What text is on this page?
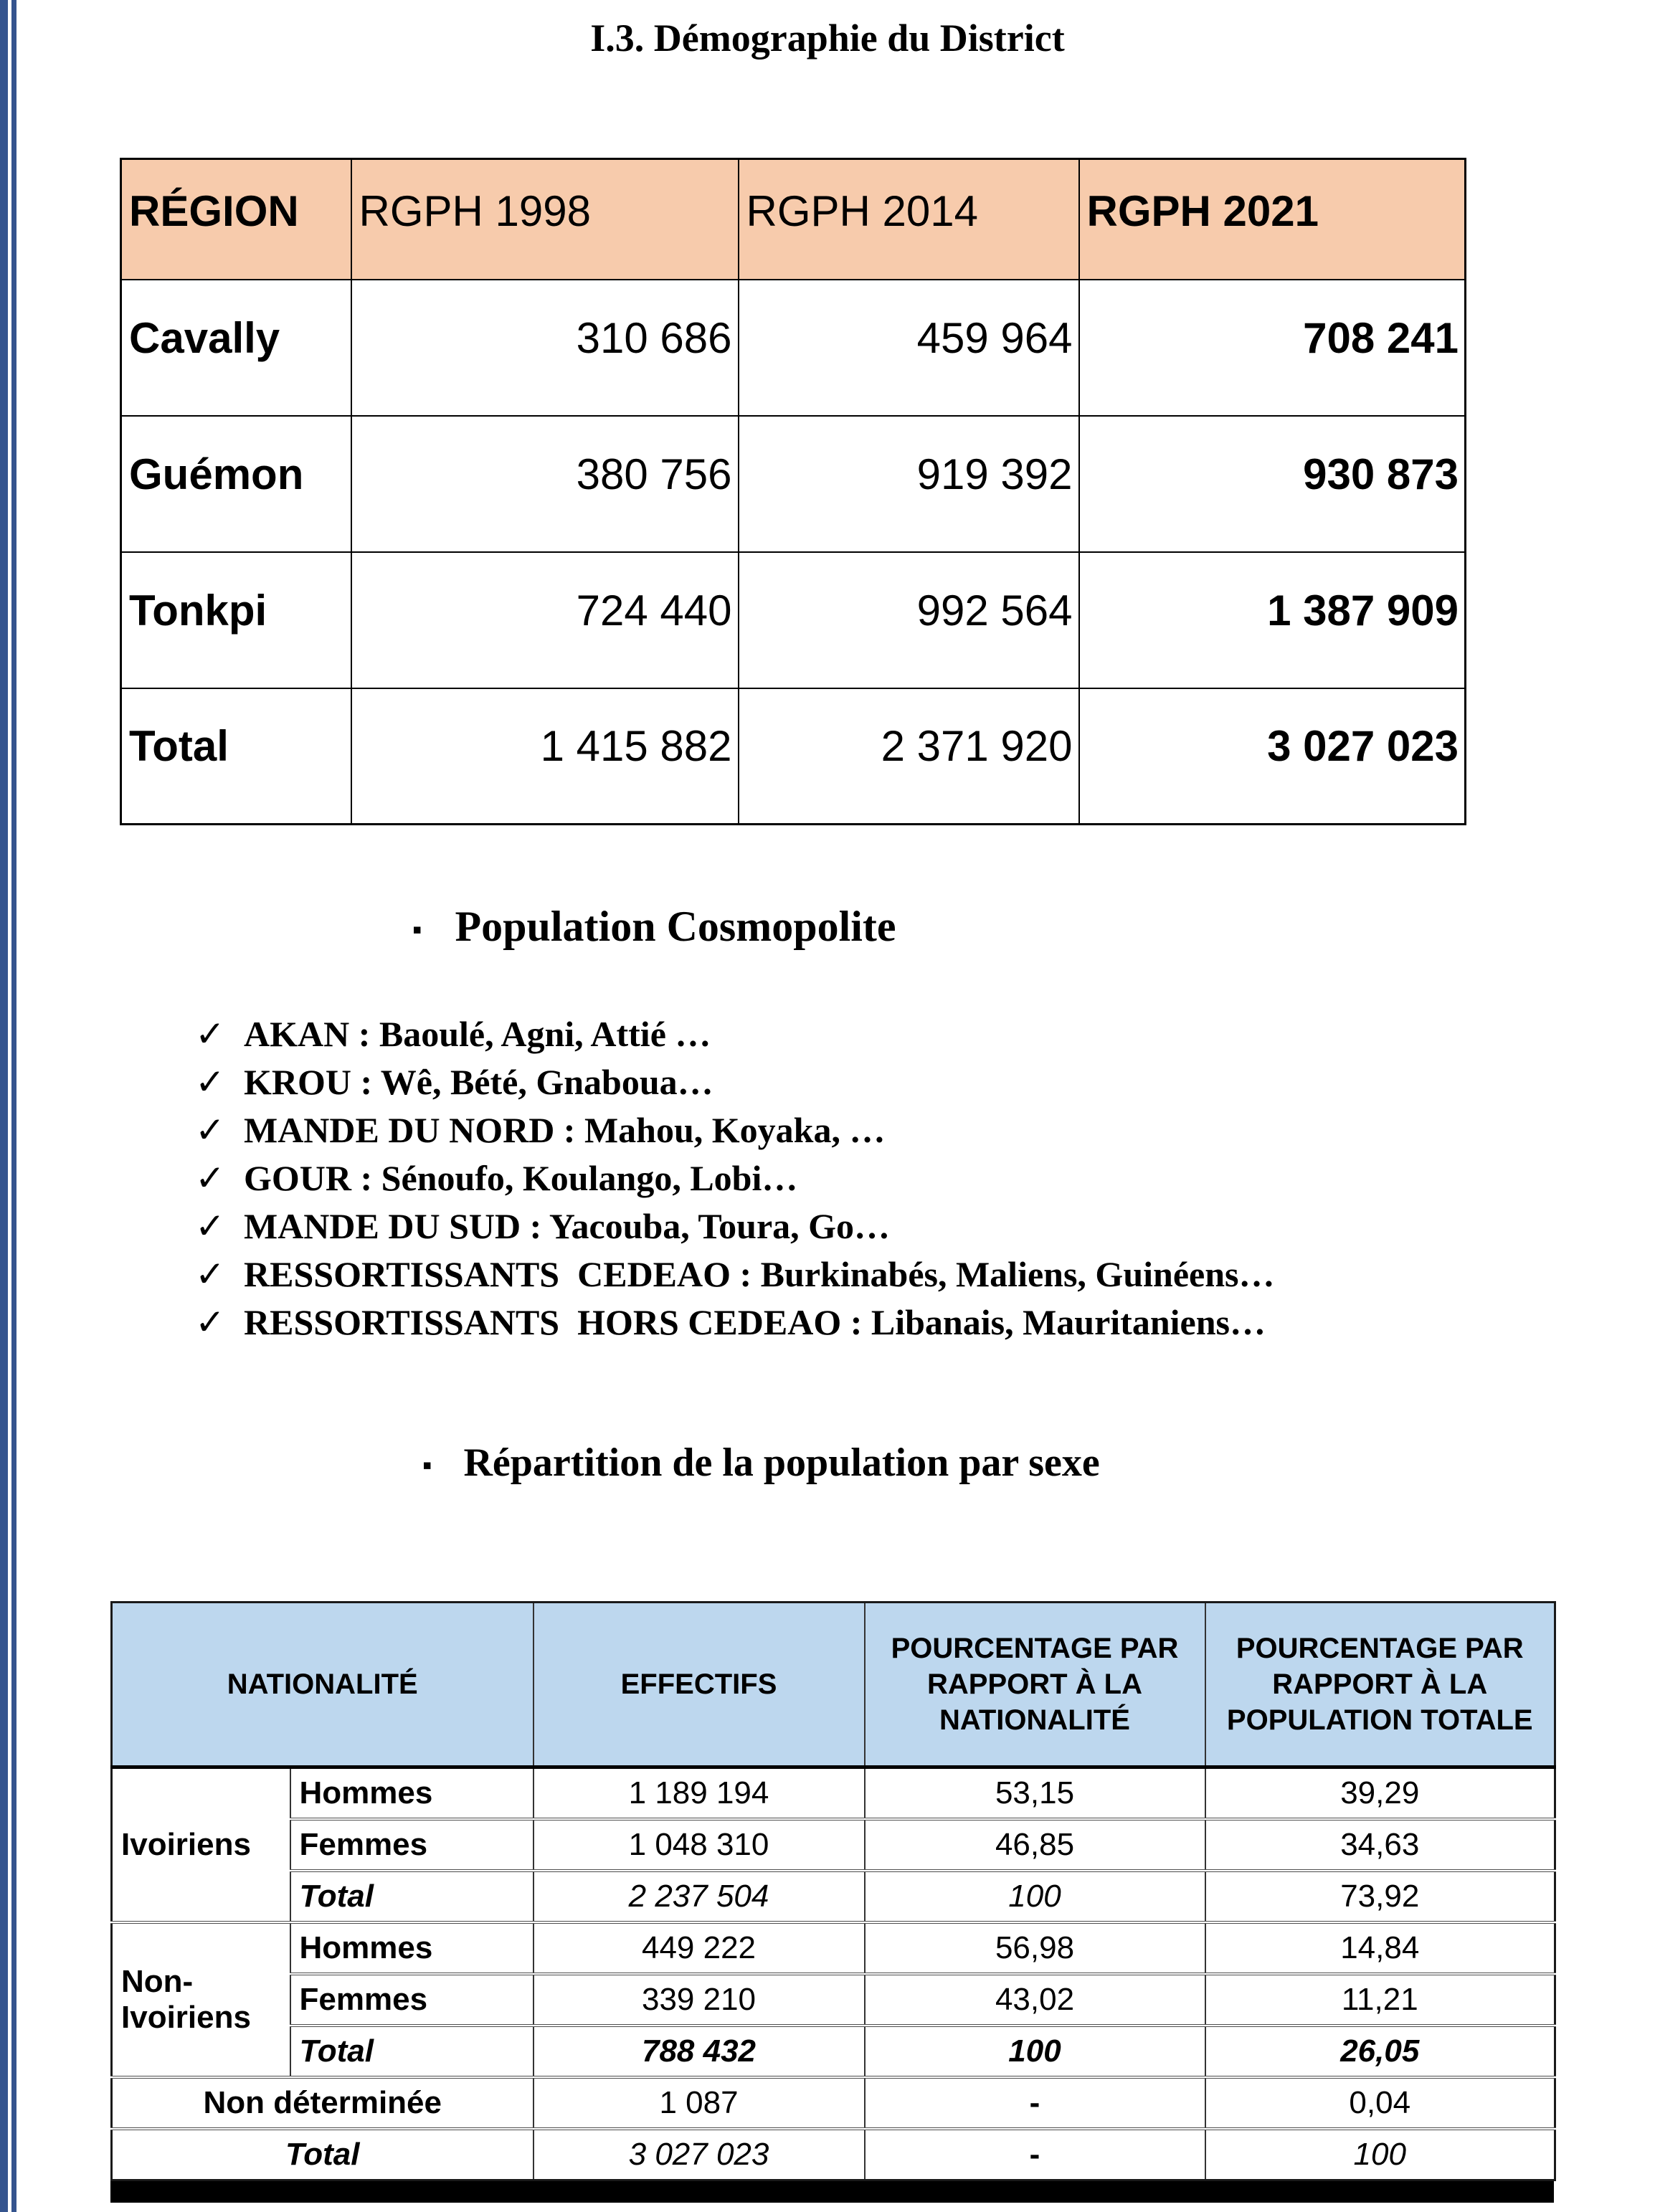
I.3. Démographie du District
RÉGION	RGPH 1998	RGPH 2014	RGPH 2021
Cavally	310 686	459 964	708 241
Guémon	380 756	919 392	930 873
Tonkpi	724 440	992 564	1 387 909
Total	1 415 882	2 371 920	3 027 023
▪ Population Cosmopolite
✓ AKAN : Baoulé, Agni, Attié …
✓ KROU : Wê, Bété, Gnaboua…
✓ MANDE DU NORD : Mahou, Koyaka, …
✓ GOUR : Sénoufo, Koulango, Lobi…
✓ MANDE DU SUD : Yacouba, Toura, Go…
✓ RESSORTISSANTS  CEDEAO : Burkinabés, Maliens, Guinéens…
✓ RESSORTISSANTS  HORS CEDEAO : Libanais, Mauritaniens…
▪ Répartition de la population par sexe
NATIONALITÉ		EFFECTIFS	POURCENTAGE PAR RAPPORT À LA NATIONALITÉ	POURCENTAGE PAR RAPPORT À LA POPULATION TOTALE
Ivoiriens	Hommes	1 189 194	53,15	39,29
	Femmes	1 048 310	46,85	34,63
	Total	2 237 504	100	73,92
Non-Ivoiriens	Hommes	449 222	56,98	14,84
	Femmes	339 210	43,02	11,21
	Total	788 432	100	26,05
Non déterminée		1 087	-	0,04
Total		3 027 023	-	100
